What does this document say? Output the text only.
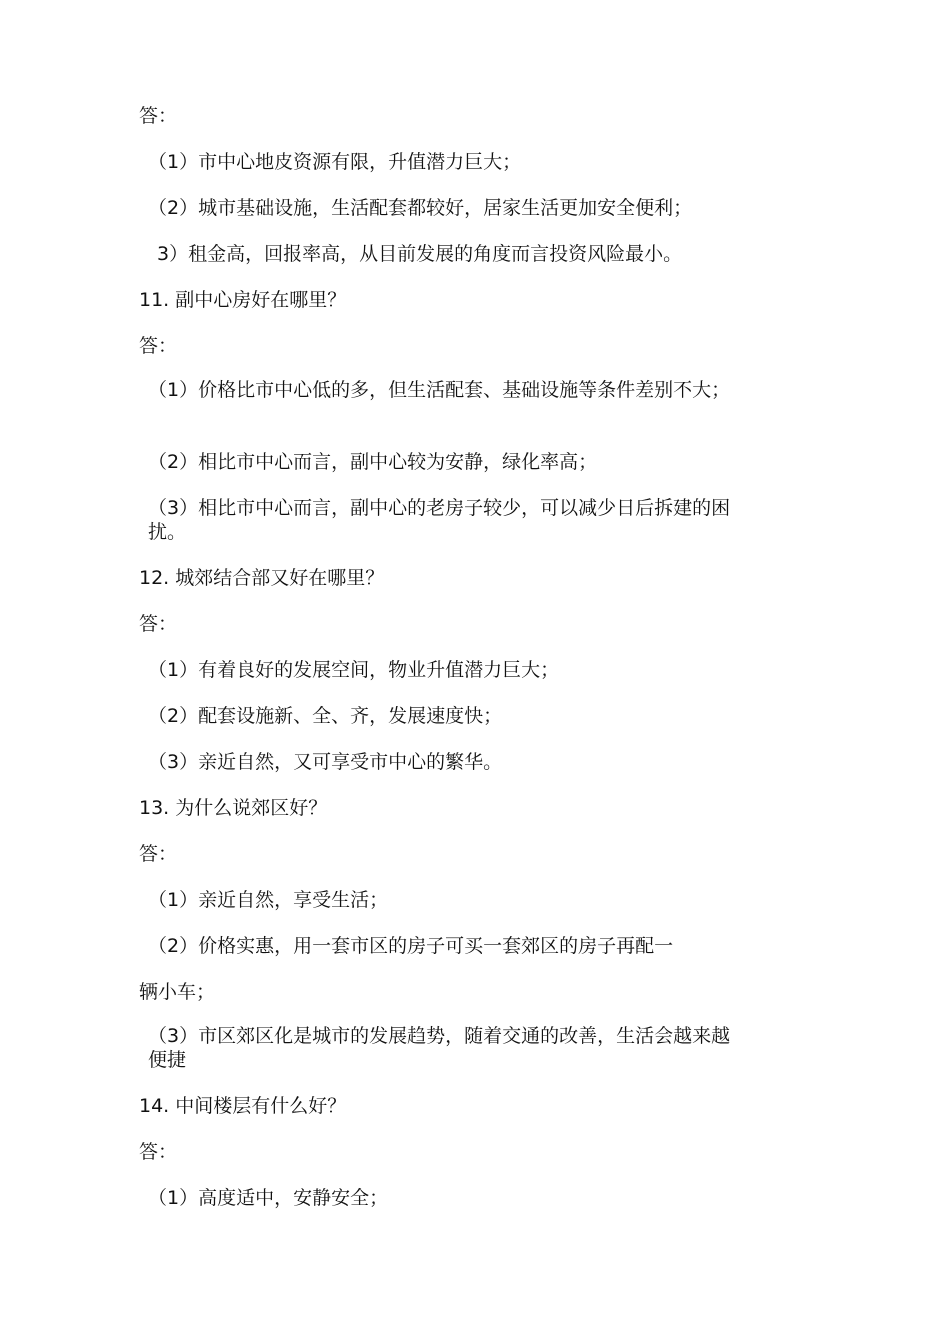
答：
（1）市中心地皮资源有限，升值潜力巨大；
（2）城市基础设施，生活配套都较好，居家生活更加安全便利；
3）租金高，回报率高，从目前发展的角度而言投资风险最小。
11. 副中心房好在哪里？
答：
（1）价格比市中心低的多，但生活配套、基础设施等条件差别不大；
（2）相比市中心而言，副中心较为安静，绿化率高；
（3）相比市中心而言，副中心的老房子较少，可以减少日后拆建的困扰。
12. 城郊结合部又好在哪里？
答：
（1）有着良好的发展空间，物业升值潜力巨大；
（2）配套设施新、全、齐，发展速度快；
（3）亲近自然，又可享受市中心的繁华。
13. 为什么说郊区好？
答：
（1）亲近自然，享受生活；
（2）价格实惠，用一套市区的房子可买一套郊区的房子再配一
辆小车；
（3）市区郊区化是城市的发展趋势，随着交通的改善，生活会越来越便捷
14. 中间楼层有什么好？
答：
（1）高度适中，安静安全；
